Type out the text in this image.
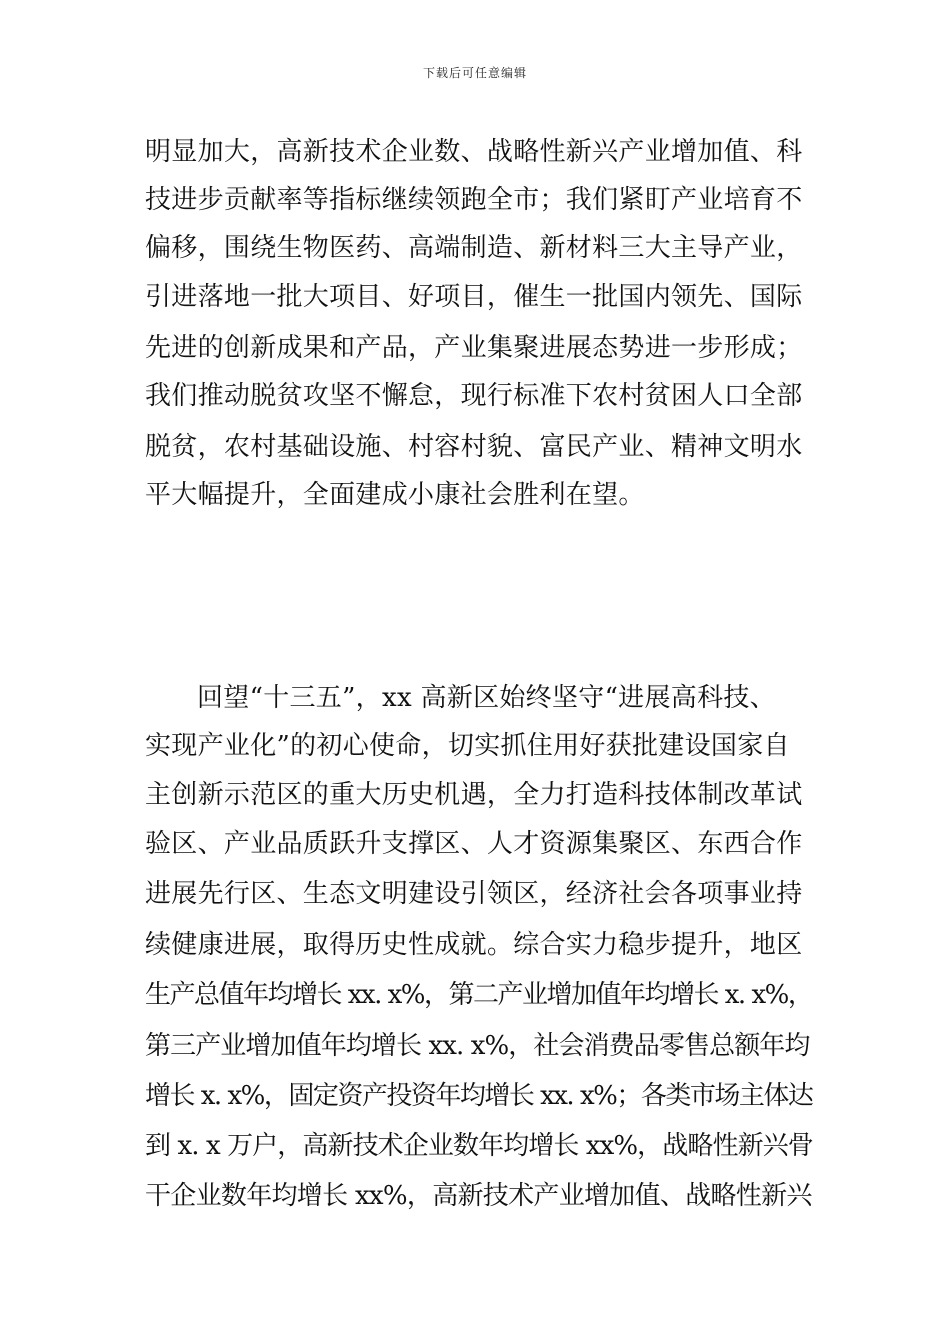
下载后可任意编辑
明显加大，高新技术企业数、战略性新兴产业增加值、科
技进步贡献率等指标继续领跑全市；我们紧盯产业培育不
偏移，围绕生物医药、高端制造、新材料三大主导产业，
引进落地一批大项目、好项目，催生一批国内领先、国际
先进的创新成果和产品，产业集聚进展态势进一步形成；
我们推动脱贫攻坚不懈怠，现行标准下农村贫困人口全部
脱贫，农村基础设施、村容村貌、富民产业、精神文明水
平大幅提升，全面建成小康社会胜利在望。
回望“十三五”，xx 高新区始终坚守“进展高科技、
实现产业化”的初心使命，切实抓住用好获批建设国家自
主创新示范区的重大历史机遇，全力打造科技体制改革试
验区、产业品质跃升支撑区、人才资源集聚区、东西合作
进展先行区、生态文明建设引领区，经济社会各项事业持
续健康进展，取得历史性成就。综合实力稳步提升，地区
生产总值年均增长 xx. x%，第二产业增加值年均增长 x. x%，
第三产业增加值年均增长 xx. x%，社会消费品零售总额年均
增长 x. x%，固定资产投资年均增长 xx. x%；各类市场主体达
到 x. x 万户，高新技术企业数年均增长 xx%，战略性新兴骨
干企业数年均增长 xx%，高新技术产业增加值、战略性新兴
